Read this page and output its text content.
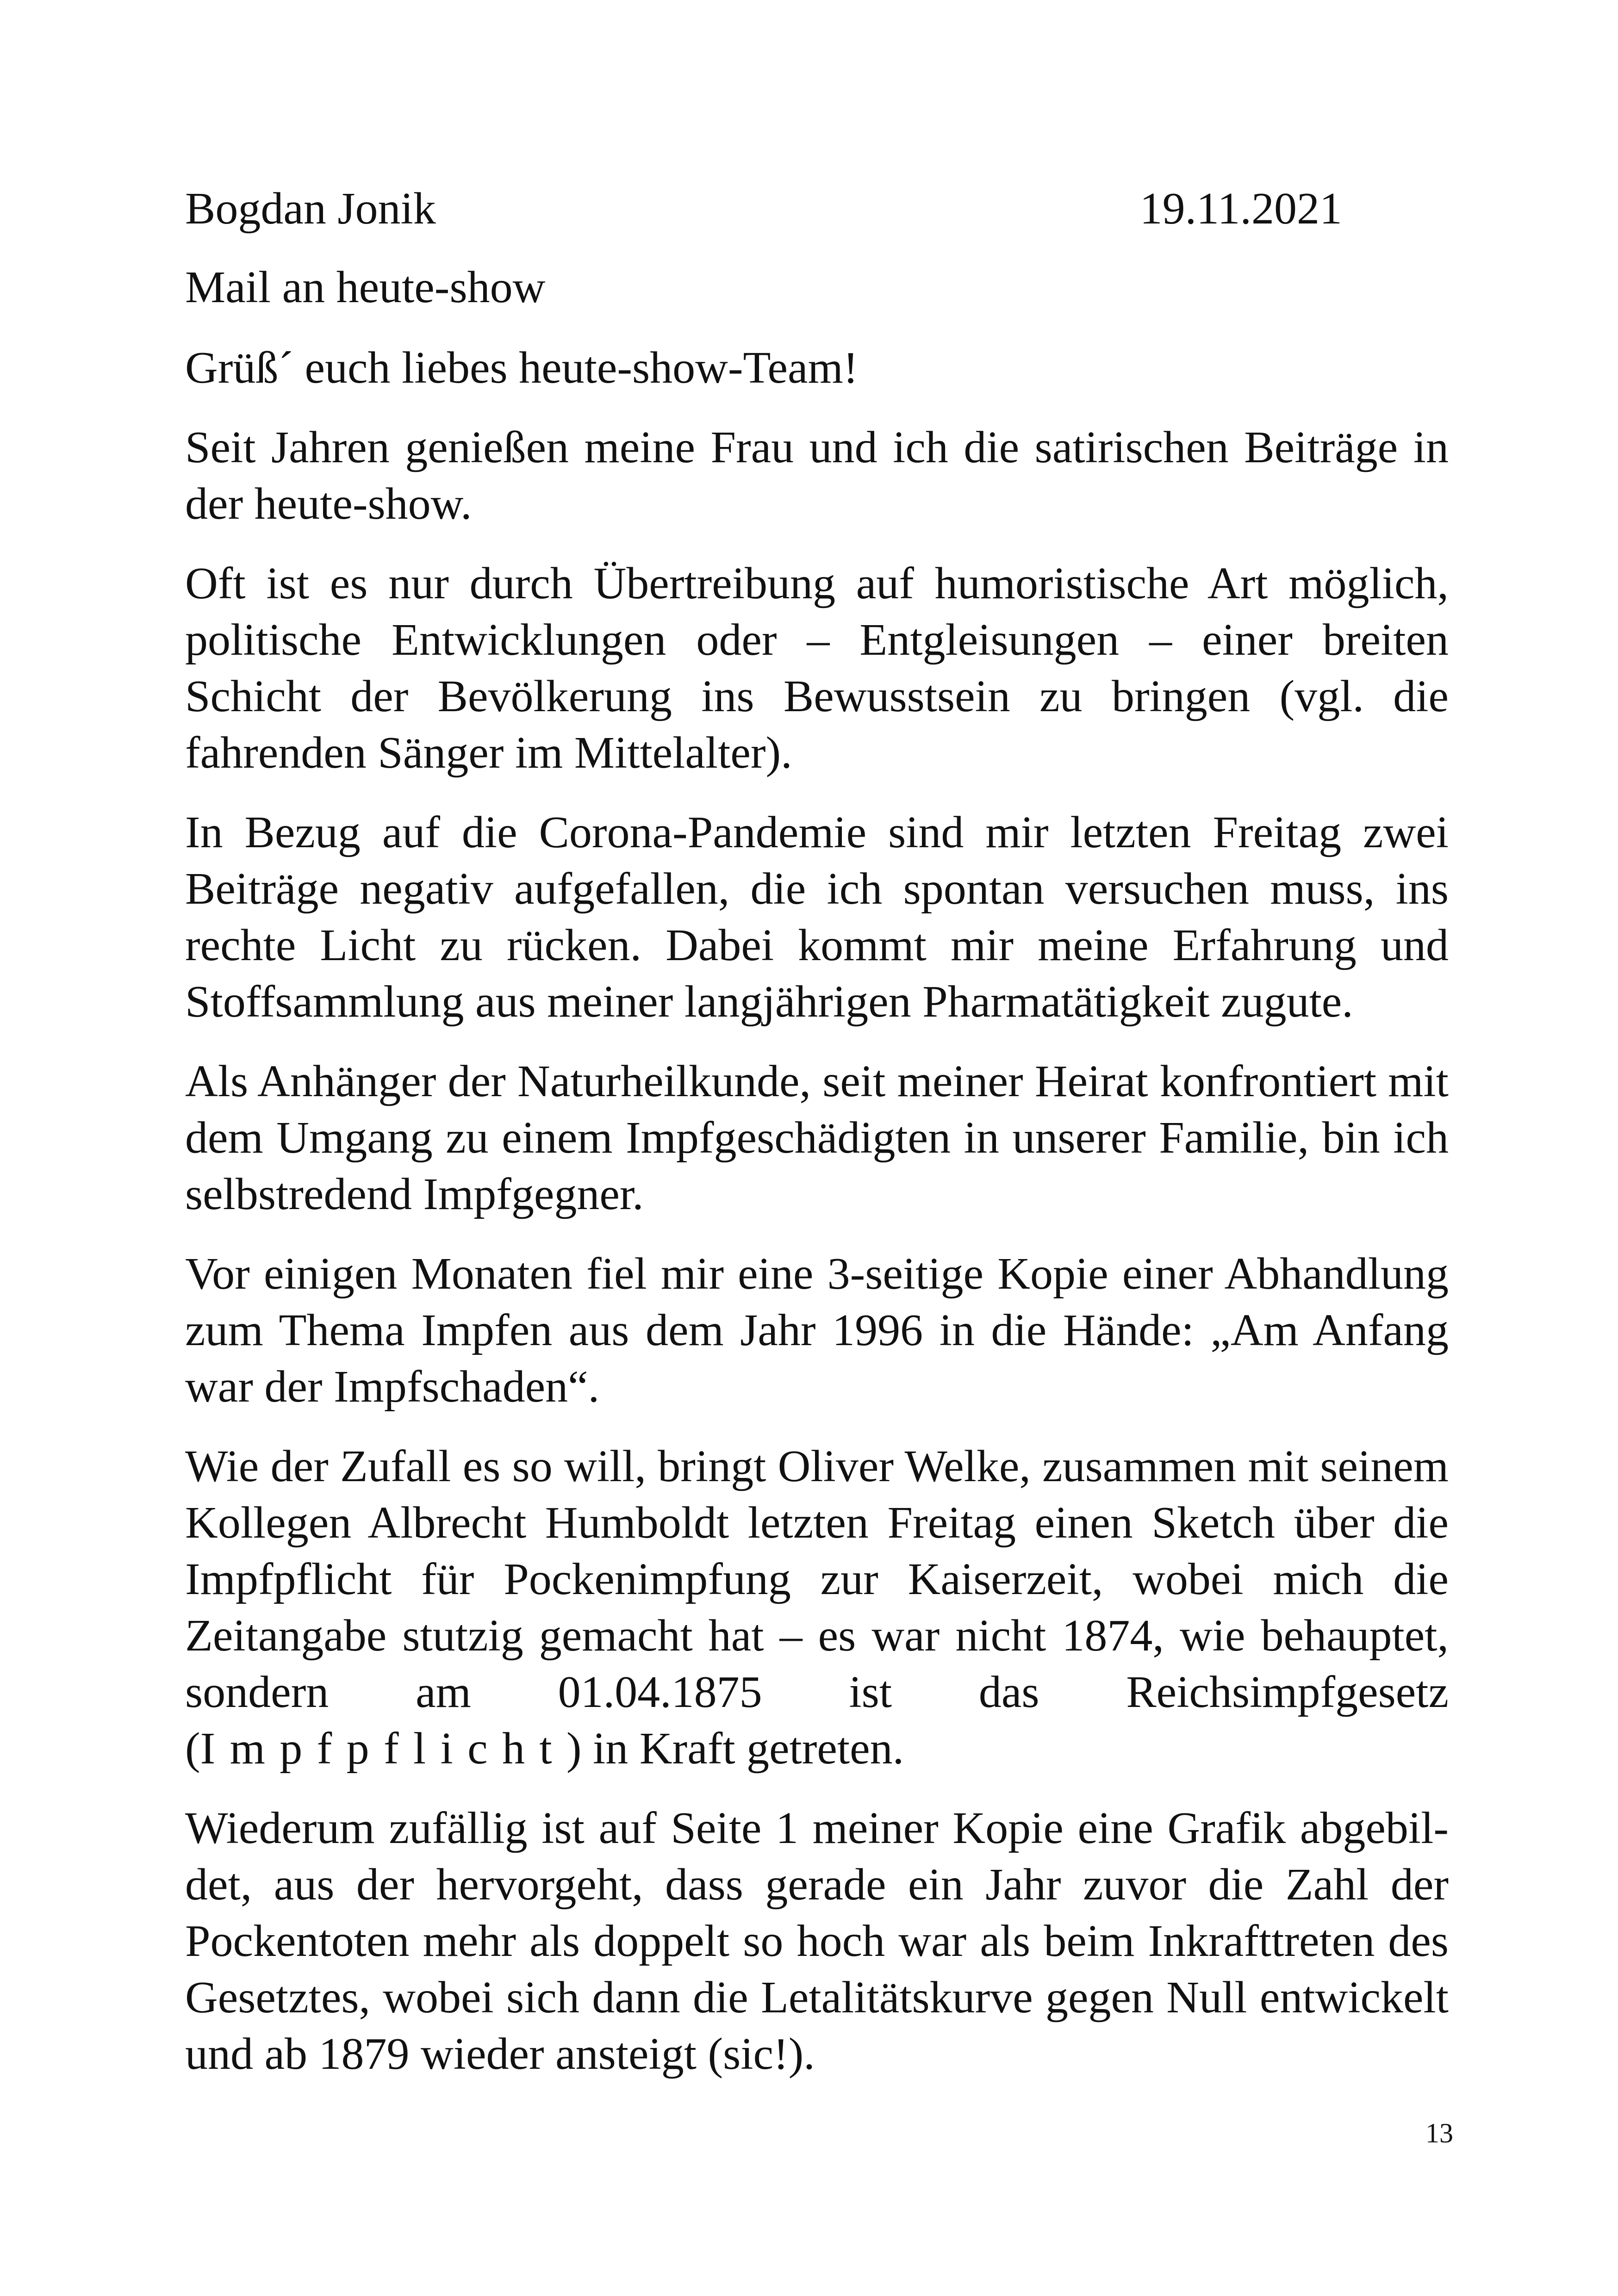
Bogdan Jonik	19.11.2021
Mail an heute-show
Grüß´ euch liebes heute-show-Team!

Seit Jahren genießen meine Frau und ich die satirischen Beiträge in der heute-show.

Oft ist es nur durch Übertreibung auf humoristische Art möglich, politische Entwicklungen oder – Entgleisungen – einer breiten Schicht der Bevölkerung ins Bewusstsein zu bringen (vgl. die fahrenden Sänger im Mittelalter).

In Bezug auf die Corona-Pandemie sind mir letzten Freitag zwei Beiträge negativ aufgefallen, die ich spontan versuchen muss, ins rechte Licht zu rücken. Dabei kommt mir meine Erfahrung und Stoffsammlung aus meiner langjährigen Pharmatätigkeit zugute.

Als Anhänger der Naturheilkunde, seit meiner Heirat konfrontiert mit dem Umgang zu einem Impfgeschädigten in unserer Familie, bin ich selbstredend Impfgegner.

Vor einigen Monaten fiel mir eine 3-seitige Kopie einer Abhandlung zum Thema Impfen aus dem Jahr 1996 in die Hände: „Am Anfang war der Impfschaden“.

Wie der Zufall es so will, bringt Oliver Welke, zusammen mit seinem Kollegen Albrecht Humboldt letzten Freitag einen Sketch über die Impfpflicht für Pockenimpfung zur Kaiserzeit, wobei mich die Zeitangabe stutzig gemacht hat – es war nicht 1874, wie behauptet, sondern am 01.04.1875 ist das Reichsimpfgesetz (Impfpflicht) in Kraft getreten.

Wiederum zufällig ist auf Seite 1 meiner Kopie eine Grafik abgebildet, aus der hervorgeht, dass gerade ein Jahr zuvor die Zahl der Pockentoten mehr als doppelt so hoch war als beim Inkrafttreten des Gesetztes, wobei sich dann die Letalitätskurve gegen Null entwickelt und ab 1879 wieder ansteigt (sic!).

13
